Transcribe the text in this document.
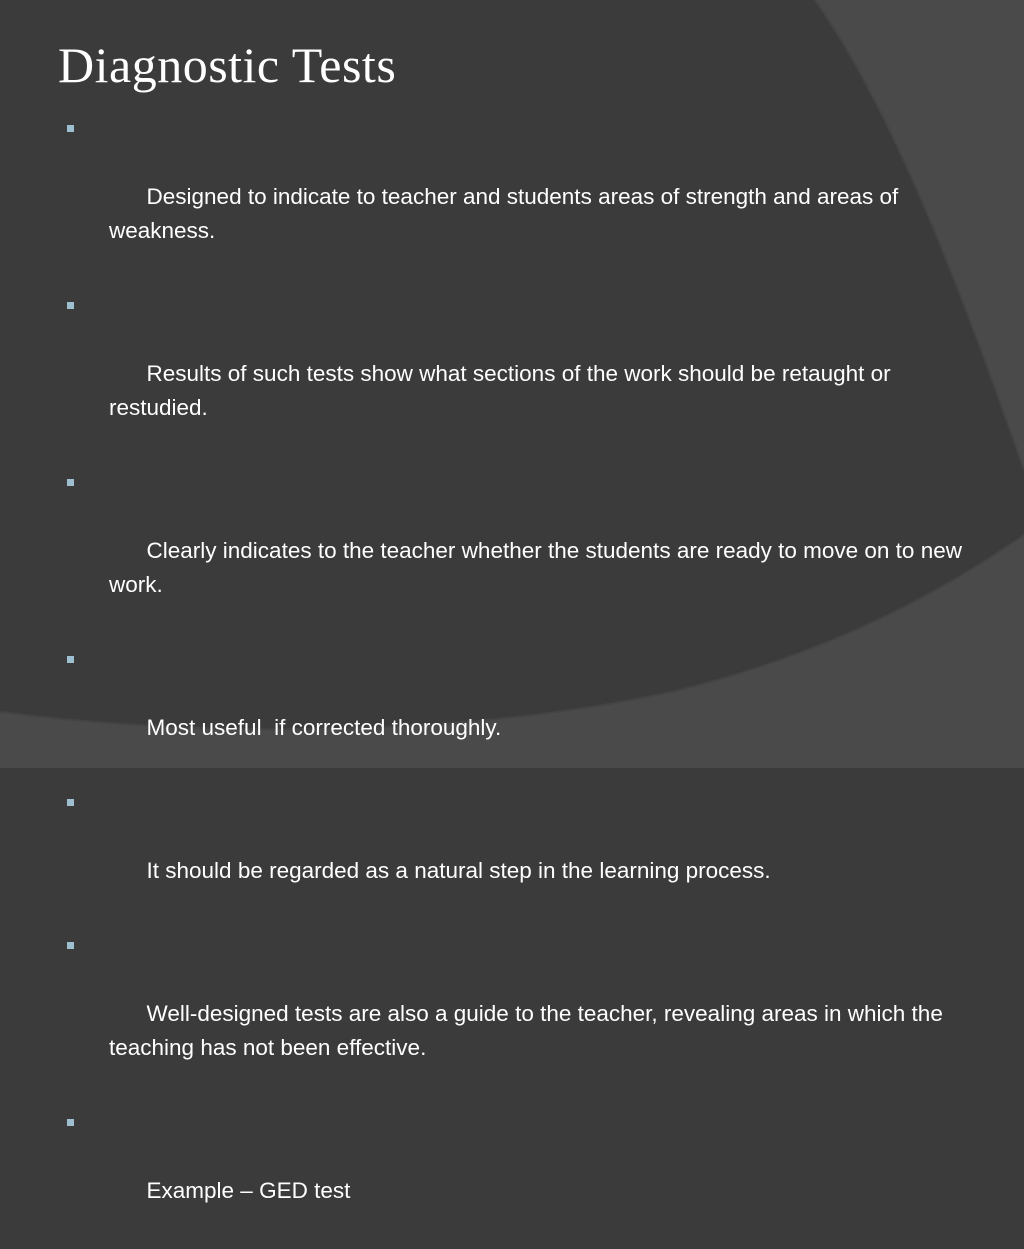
Diagnostic Tests

Designed to indicate to teacher and students areas of strength and areas of weakness.

Results of such tests show what sections of the work should be retaught or restudied.

Clearly indicates to the teacher whether the students are ready to move on to new work.

Most useful  if corrected thoroughly.

It should be regarded as a natural step in the learning process.

Well-designed tests are also a guide to the teacher, revealing areas in which the teaching has not been effective.

Example – GED test
